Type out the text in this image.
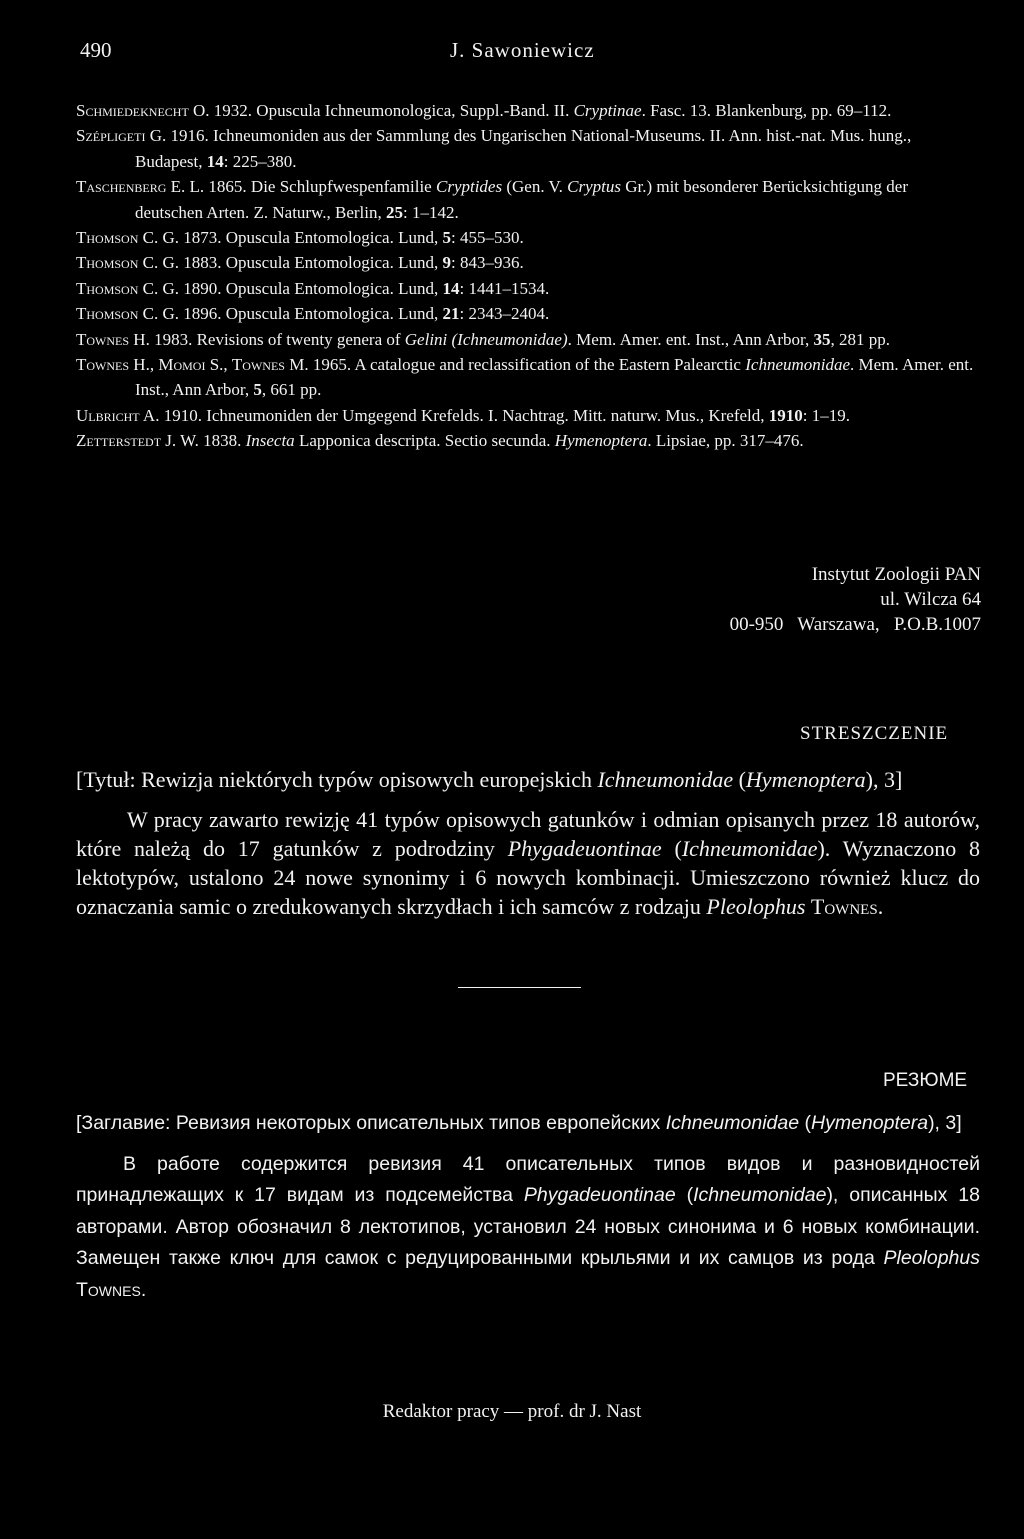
490	J. Sawoniewicz
Schmiedeknecht O. 1932. Opuscula Ichneumonologica, Suppl.-Band. II. Cryptinae. Fasc. 13. Blankenburg, pp. 69–112.
Szépligeti G. 1916. Ichneumoniden aus der Sammlung des Ungarischen National-Museums. II. Ann. hist.-nat. Mus. hung., Budapest, 14: 225–380.
Taschenberg E. L. 1865. Die Schlupfwespenfamilie Cryptides (Gen. V. Cryptus Gr.) mit besonderer Berücksichtigung der deutschen Arten. Z. Naturw., Berlin, 25: 1–142.
Thomson C. G. 1873. Opuscula Entomologica. Lund, 5: 455–530.
Thomson C. G. 1883. Opuscula Entomologica. Lund, 9: 843–936.
Thomson C. G. 1890. Opuscula Entomologica. Lund, 14: 1441–1534.
Thomson C. G. 1896. Opuscula Entomologica. Lund, 21: 2343–2404.
Townes H. 1983. Revisions of twenty genera of Gelini (Ichneumonidae). Mem. Amer. ent. Inst., Ann Arbor, 35, 281 pp.
Townes H., Momoi S., Townes M. 1965. A catalogue and reclassification of the Eastern Palearctic Ichneumonidae. Mem. Amer. ent. Inst., Ann Arbor, 5, 661 pp.
Ulbricht A. 1910. Ichneumoniden der Umgegend Krefelds. I. Nachtrag. Mitt. naturw. Mus., Krefeld, 1910: 1–19.
Zetterstedt J. W. 1838. Insecta Lapponica descripta. Sectio secunda. Hymenoptera. Lipsiae, pp. 317–476.
Instytut Zoologii PAN
ul. Wilcza 64
00-950   Warszawa,   P.O.B.1007
STRESZCZENIE
[Tytuł: Rewizja niektórych typów opisowych europejskich Ichneumonidae (Hymenoptera), 3]
W pracy zawarto rewizję 41 typów opisowych gatunków i odmian opisanych przez 18 autorów, które należą do 17 gatunków z podrodziny Phygadeuontinae (Ichneumonidae). Wyznaczono 8 lektotypów, ustalono 24 nowe synonimy i 6 nowych kombinacji. Umieszczono również klucz do oznaczania samic o zredukowanych skrzydłach i ich samców z rodzaju Pleolophus Townes.
РЕЗЮМЕ
[Заглавие: Ревизия некоторых описательных типов европейских Ichneumonidae (Hymenoptera), 3]
В работе содержится ревизия 41 описательных типов видов и разновидностей принадлежащих к 17 видам из подсемейства Phygadeuontinae (Ichneumonidae), описанных 18 авторами. Автор обозначил 8 лектотипов, установил 24 новых синонима и 6 новых комбинации. Замещен также ключ для самок с редуцированными крыльями и их самцов из рода Pleolophus Townes.
Redaktor pracy — prof. dr J. Nast
